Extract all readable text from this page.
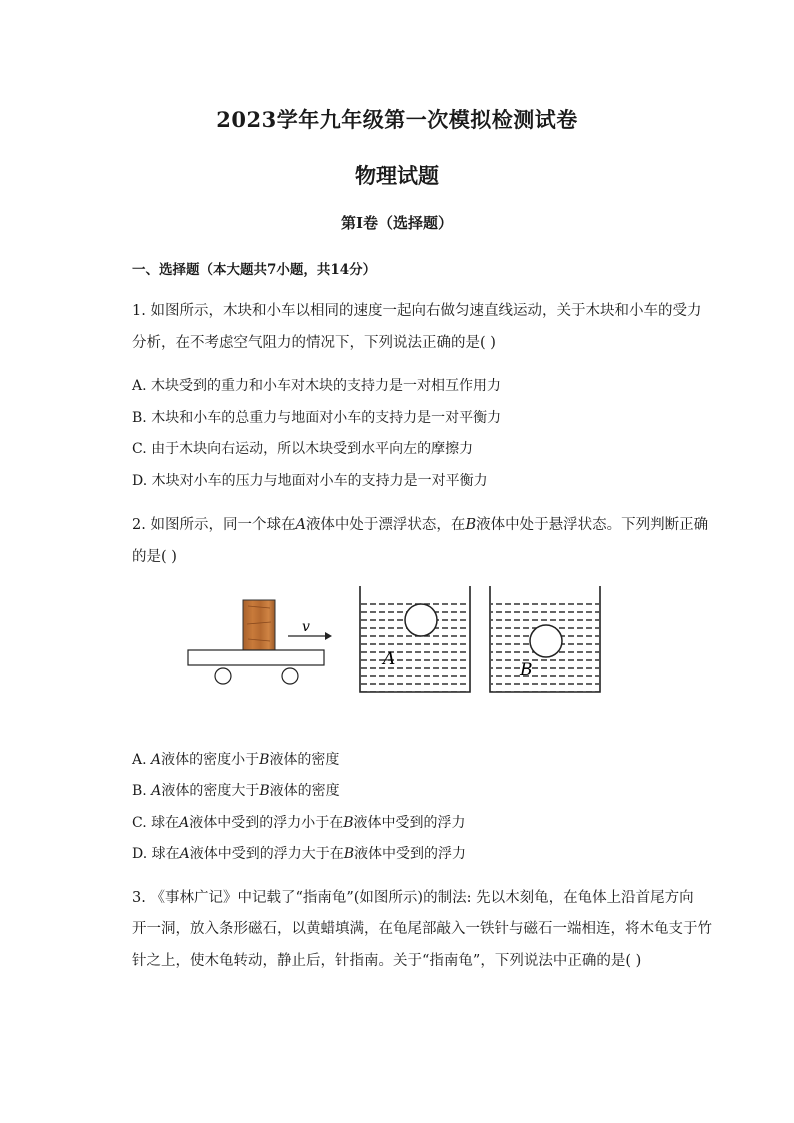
2023学年九年级第一次模拟检测试卷
物理试题
第Ⅰ卷（选择题）
一、选择题（本大题共7小题，共14分）
1. 如图所示，木块和小车以相同的速度一起向右做匀速直线运动，关于木块和小车的受力
分析，在不考虑空气阻力的情况下，下列说法正确的是( )
A. 木块受到的重力和小车对木块的支持力是一对相互作用力
B. 木块和小车的总重力与地面对小车的支持力是一对平衡力
C. 由于木块向右运动，所以木块受到水平向左的摩擦力
D. 木块对小车的压力与地面对小车的支持力是一对平衡力
2. 如图所示，同一个球在A液体中处于漂浮状态，在B液体中处于悬浮状态。下列判断正确
的是( )
v
A
B
A. A液体的密度小于B液体的密度
B. A液体的密度大于B液体的密度
C. 球在A液体中受到的浮力小于在B液体中受到的浮力
D. 球在A液体中受到的浮力大于在B液体中受到的浮力
3. 《事林广记》中记载了“指南龟”(如图所示)的制法: 先以木刻龟，在龟体上沿首尾方向
开一洞，放入条形磁石，以黄蜡填满，在龟尾部敲入一铁针与磁石一端相连，将木龟支于竹
针之上，使木龟转动，静止后，针指南。关于“指南龟”，下列说法中正确的是( )
